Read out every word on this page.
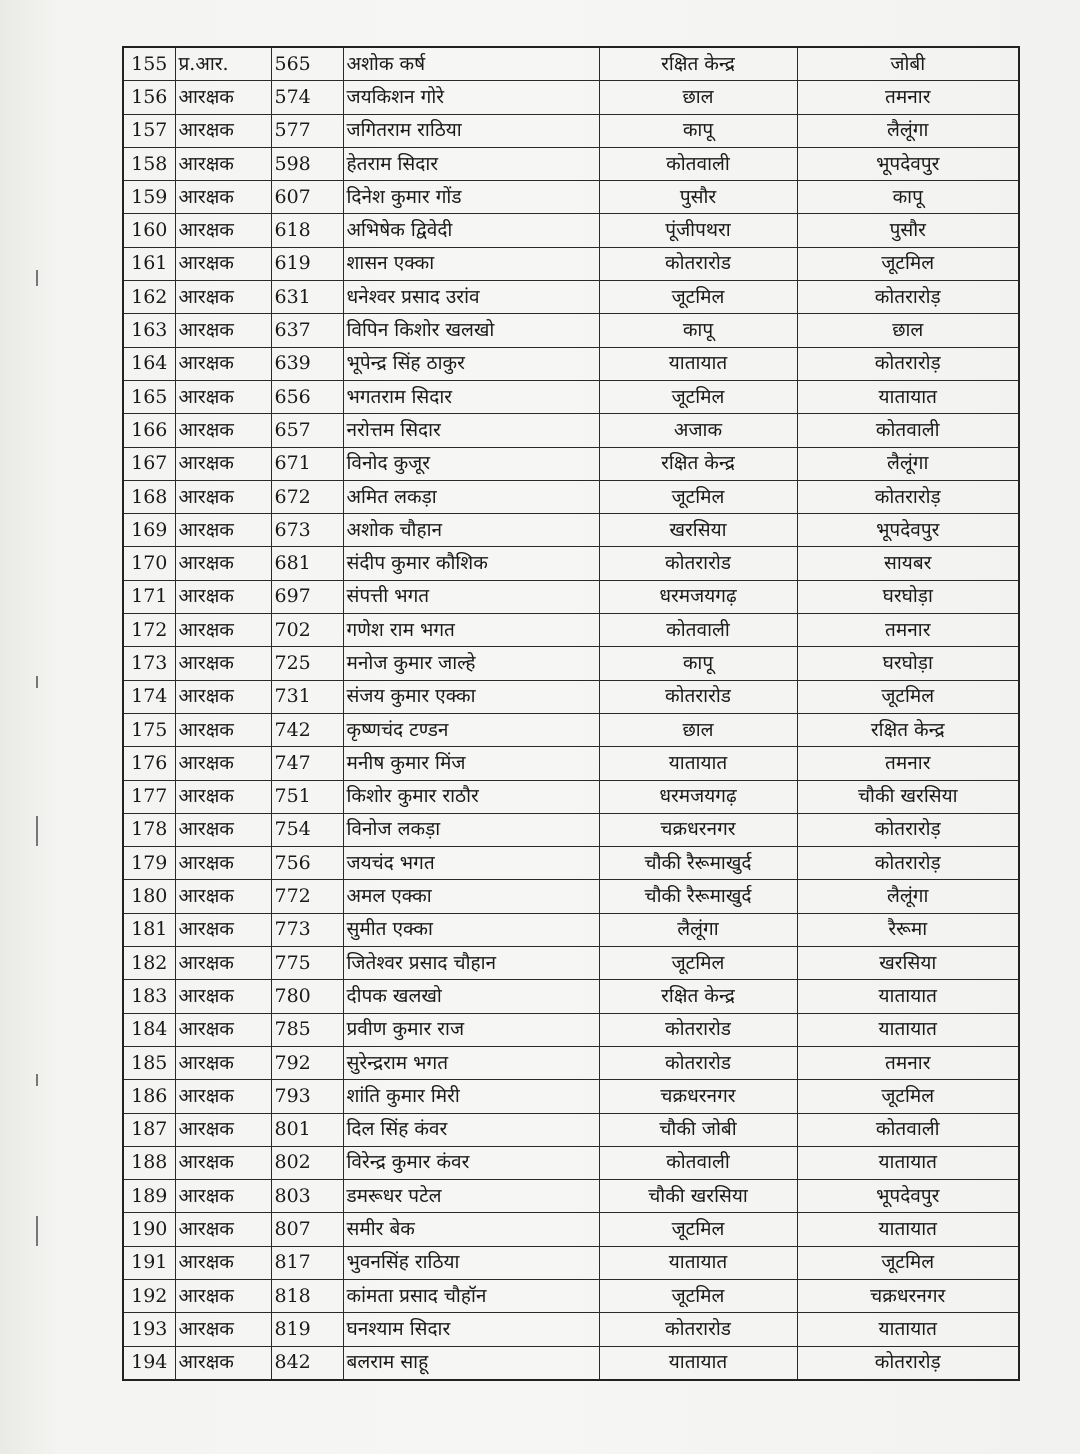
155	प्र.आर.	565	अशोक कर्ष	रक्षित केन्द्र	जोबी
156	आरक्षक	574	जयकिशन गोरे	छाल	तमनार
157	आरक्षक	577	जगितराम राठिया	कापू	लैलूंगा
158	आरक्षक	598	हेतराम सिदार	कोतवाली	भूपदेवपुर
159	आरक्षक	607	दिनेश कुमार गोंड	पुसौर	कापू
160	आरक्षक	618	अभिषेक द्विवेदी	पूंजीपथरा	पुसौर
161	आरक्षक	619	शासन एक्का	कोतरारोड	जूटमिल
162	आरक्षक	631	धनेश्वर प्रसाद उरांव	जूटमिल	कोतरारोड़
163	आरक्षक	637	विपिन किशोर खलखो	कापू	छाल
164	आरक्षक	639	भूपेन्द्र सिंह ठाकुर	यातायात	कोतरारोड़
165	आरक्षक	656	भगतराम सिदार	जूटमिल	यातायात
166	आरक्षक	657	नरोत्तम सिदार	अजाक	कोतवाली
167	आरक्षक	671	विनोद कुजूर	रक्षित केन्द्र	लैलूंगा
168	आरक्षक	672	अमित लकड़ा	जूटमिल	कोतरारोड़
169	आरक्षक	673	अशोक चौहान	खरसिया	भूपदेवपुर
170	आरक्षक	681	संदीप कुमार कौशिक	कोतरारोड	सायबर
171	आरक्षक	697	संपत्ती भगत	धरमजयगढ़	घरघोड़ा
172	आरक्षक	702	गणेश राम भगत	कोतवाली	तमनार
173	आरक्षक	725	मनोज कुमार जाल्हे	कापू	घरघोड़ा
174	आरक्षक	731	संजय कुमार एक्का	कोतरारोड	जूटमिल
175	आरक्षक	742	कृष्णचंद टण्डन	छाल	रक्षित केन्द्र
176	आरक्षक	747	मनीष कुमार मिंज	यातायात	तमनार
177	आरक्षक	751	किशोर कुमार राठौर	धरमजयगढ़	चौकी खरसिया
178	आरक्षक	754	विनोज लकड़ा	चक्रधरनगर	कोतरारोड़
179	आरक्षक	756	जयचंद भगत	चौकी रैरूमाखुर्द	कोतरारोड़
180	आरक्षक	772	अमल एक्का	चौकी रैरूमाखुर्द	लैलूंगा
181	आरक्षक	773	सुमीत एक्का	लैलूंगा	रैरूमा
182	आरक्षक	775	जितेश्वर प्रसाद चौहान	जूटमिल	खरसिया
183	आरक्षक	780	दीपक खलखो	रक्षित केन्द्र	यातायात
184	आरक्षक	785	प्रवीण कुमार राज	कोतरारोड	यातायात
185	आरक्षक	792	सुरेन्द्रराम भगत	कोतरारोड	तमनार
186	आरक्षक	793	शांति कुमार मिरी	चक्रधरनगर	जूटमिल
187	आरक्षक	801	दिल सिंह कंवर	चौकी जोबी	कोतवाली
188	आरक्षक	802	विरेन्द्र कुमार कंवर	कोतवाली	यातायात
189	आरक्षक	803	डमरूधर पटेल	चौकी खरसिया	भूपदेवपुर
190	आरक्षक	807	समीर बेक	जूटमिल	यातायात
191	आरक्षक	817	भुवनसिंह राठिया	यातायात	जूटमिल
192	आरक्षक	818	कांमता प्रसाद चौहॉन	जूटमिल	चक्रधरनगर
193	आरक्षक	819	घनश्याम सिदार	कोतरारोड	यातायात
194	आरक्षक	842	बलराम साहू	यातायात	कोतरारोड़
